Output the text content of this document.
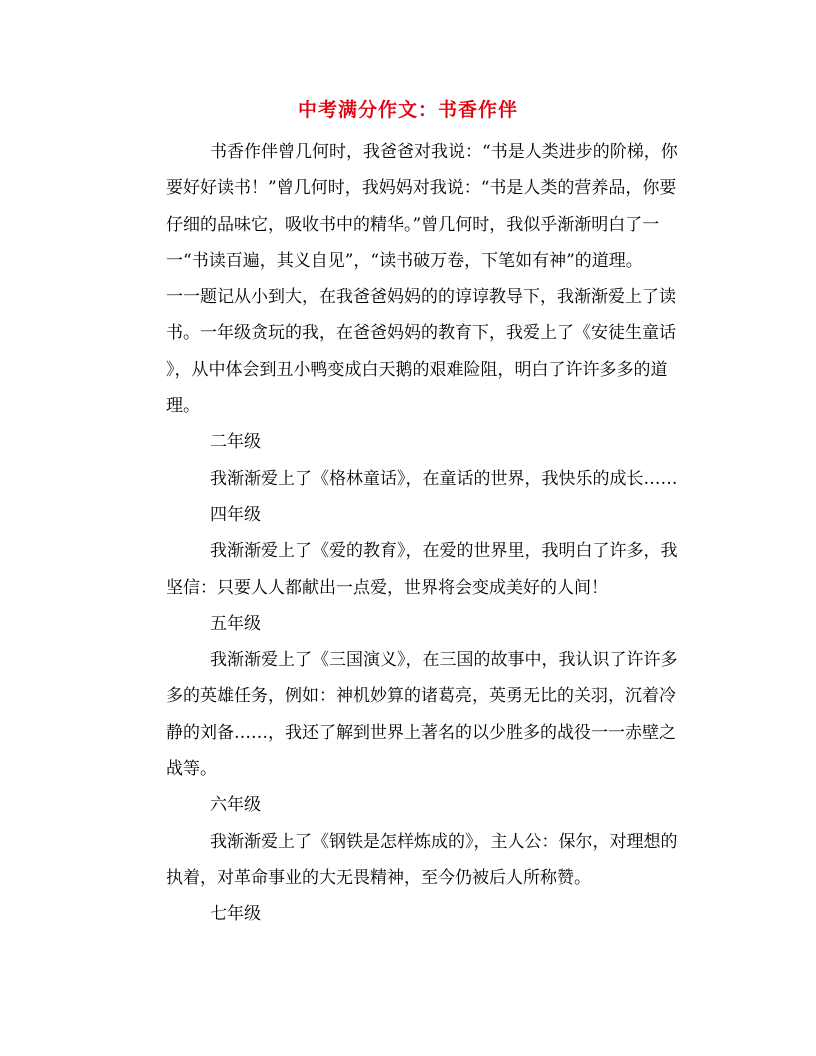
中考满分作文：书香作伴
书香作伴曾几何时，我爸爸对我说：“书是人类进步的阶梯，你
要好好读书！”曾几何时，我妈妈对我说：“书是人类的营养品，你要
仔细的品味它，吸收书中的精华。”曾几何时，我似乎渐渐明白了一
一“书读百遍，其义自见”，“读书破万卷，下笔如有神”的道理。
一一题记从小到大，在我爸爸妈妈的的谆谆教导下，我渐渐爱上了读
书。一年级贪玩的我，在爸爸妈妈的教育下，我爱上了《安徒生童话
》，从中体会到丑小鸭变成白天鹅的艰难险阻，明白了许许多多的道
理。
二年级
我渐渐爱上了《格林童话》，在童话的世界，我快乐的成长……
四年级
我渐渐爱上了《爱的教育》，在爱的世界里，我明白了许多，我
坚信：只要人人都献出一点爱，世界将会变成美好的人间！
五年级
我渐渐爱上了《三国演义》，在三国的故事中，我认识了许许多
多的英雄任务，例如：神机妙算的诸葛亮，英勇无比的关羽，沉着冷
静的刘备……，我还了解到世界上著名的以少胜多的战役一一赤壁之
战等。
六年级
我渐渐爱上了《钢铁是怎样炼成的》，主人公：保尔，对理想的
执着，对革命事业的大无畏精神，至今仍被后人所称赞。
七年级
